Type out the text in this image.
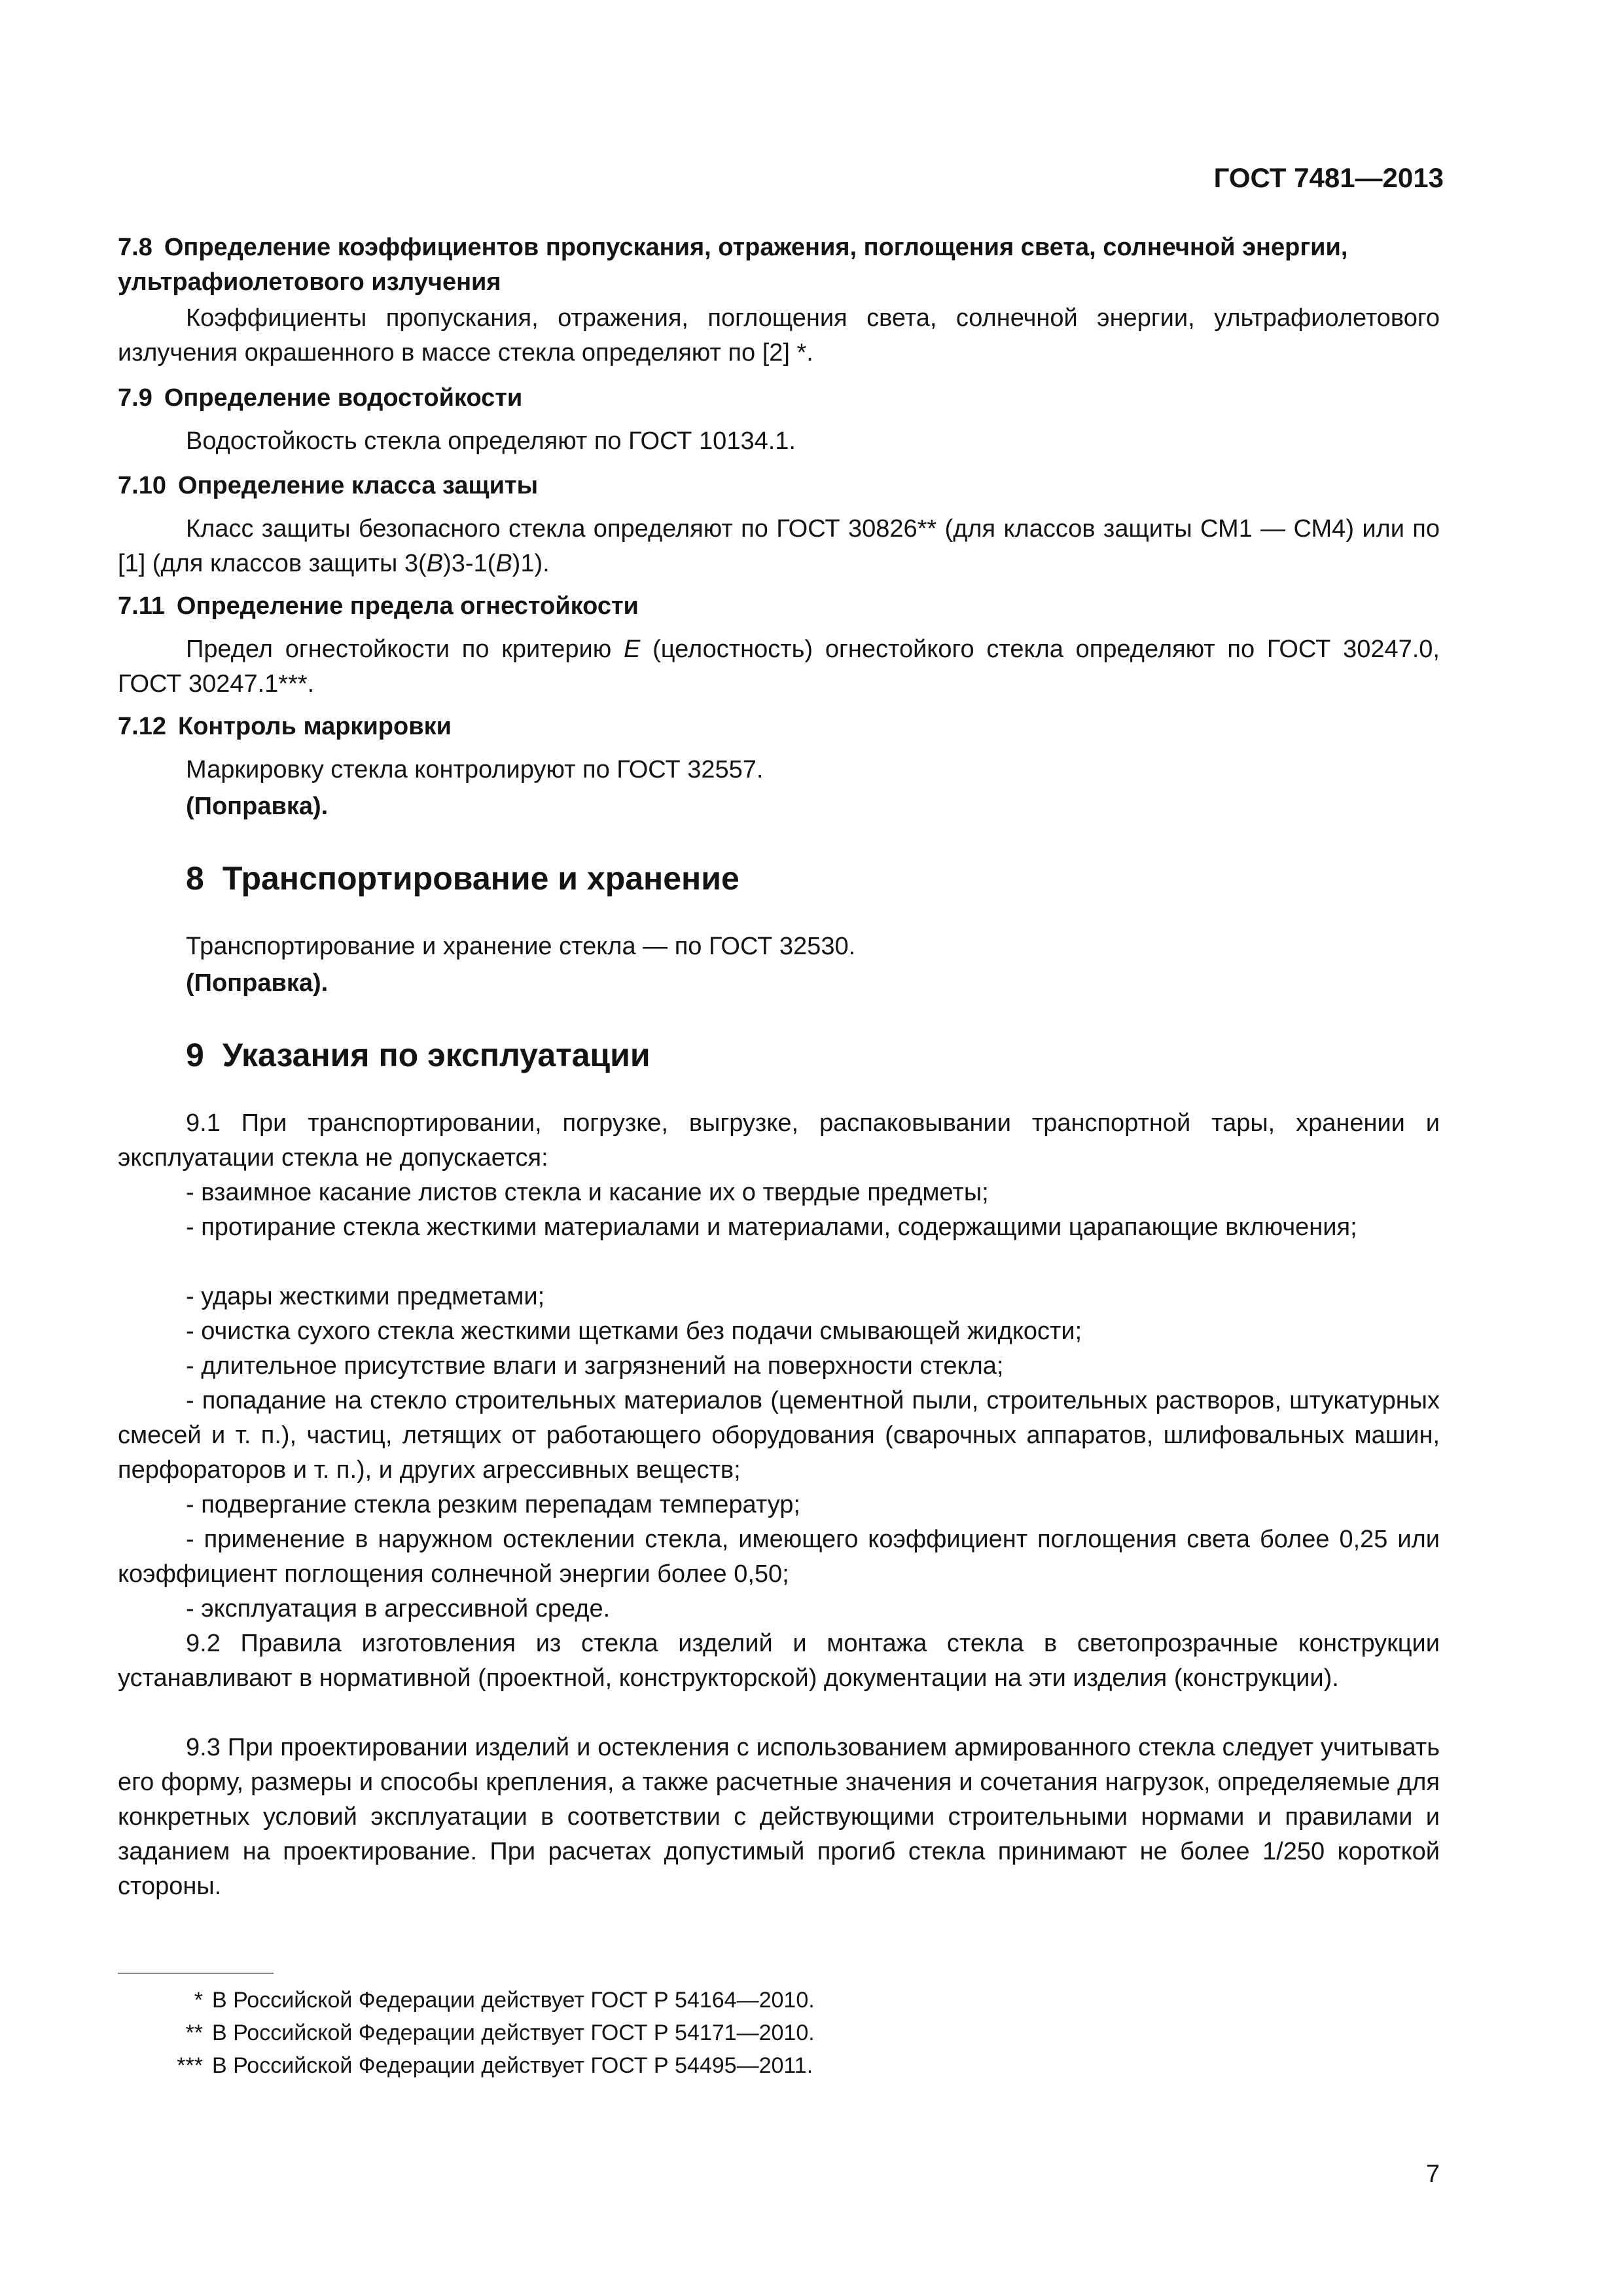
ГОСТ 7481—2013
7.8 Определение коэффициентов пропускания, отражения, поглощения света, солнечной энергии, ультрафиолетового излучения
Коэффициенты пропускания, отражения, поглощения света, солнечной энергии, ультрафиолетового излучения окрашенного в массе стекла определяют по [2] *.
7.9 Определение водостойкости
Водостойкость стекла определяют по ГОСТ 10134.1.
7.10 Определение класса защиты
Класс защиты безопасного стекла определяют по ГОСТ 30826** (для классов защиты СМ1 — СМ4) или по [1] (для классов защиты 3(В)3-1(В)1).
7.11 Определение предела огнестойкости
Предел огнестойкости по критерию Е (целостность) огнестойкого стекла определяют по ГОСТ 30247.0, ГОСТ 30247.1***.
7.12 Контроль маркировки
Маркировку стекла контролируют по ГОСТ 32557.
(Поправка).
8 Транспортирование и хранение
Транспортирование и хранение стекла — по ГОСТ 32530.
(Поправка).
9 Указания по эксплуатации
9.1 При транспортировании, погрузке, выгрузке, распаковывании транспортной тары, хранении и эксплуатации стекла не допускается:
- взаимное касание листов стекла и касание их о твердые предметы;
- протирание стекла жесткими материалами и материалами, содержащими царапающие включения;
- удары жесткими предметами;
- очистка сухого стекла жесткими щетками без подачи смывающей жидкости;
- длительное присутствие влаги и загрязнений на поверхности стекла;
- попадание на стекло строительных материалов (цементной пыли, строительных растворов, штукатурных смесей и т. п.), частиц, летящих от работающего оборудования (сварочных аппаратов, шлифовальных машин, перфораторов и т. п.), и других агрессивных веществ;
- подвергание стекла резким перепадам температур;
- применение в наружном остеклении стекла, имеющего коэффициент поглощения света более 0,25 или коэффициент поглощения солнечной энергии более 0,50;
- эксплуатация в агрессивной среде.
9.2 Правила изготовления из стекла изделий и монтажа стекла в светопрозрачные конструкции устанавливают в нормативной (проектной, конструкторской) документации на эти изделия (конструкции).
9.3 При проектировании изделий и остекления с использованием армированного стекла следует учитывать его форму, размеры и способы крепления, а также расчетные значения и сочетания нагрузок, определяемые для конкретных условий эксплуатации в соответствии с действующими строительными нормами и правилами и заданием на проектирование. При расчетах допустимый прогиб стекла принимают не более 1/250 короткой стороны.
* В Российской Федерации действует ГОСТ Р 54164—2010.
** В Российской Федерации действует ГОСТ Р 54171—2010.
*** В Российской Федерации действует ГОСТ Р 54495—2011.
7
